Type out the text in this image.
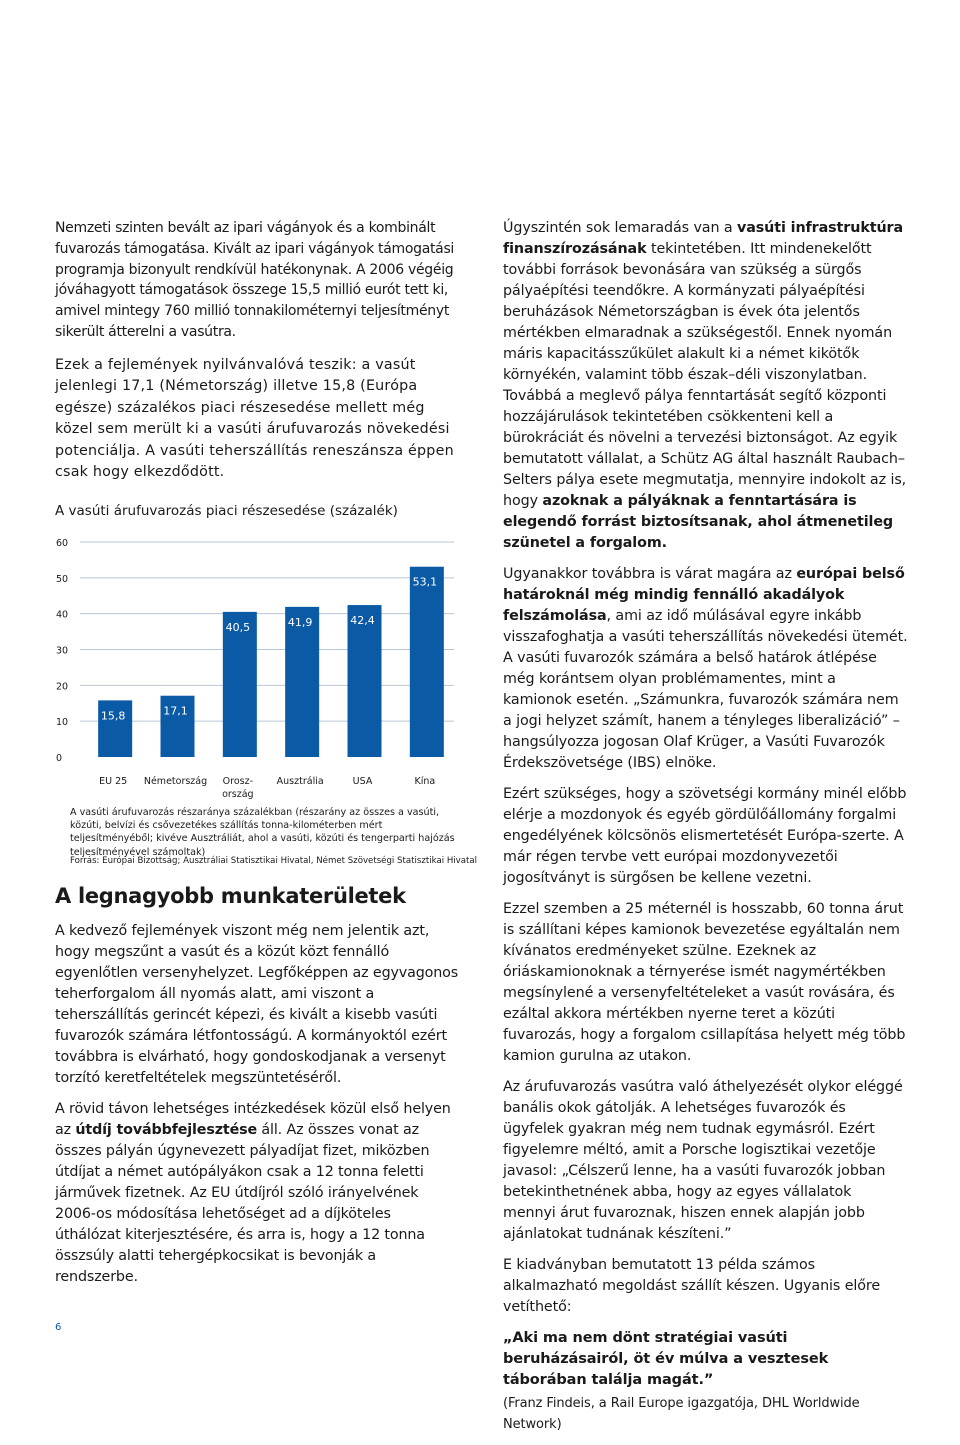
Nemzeti szinten bevált az ipari vágányok és a kombinált fuvarozás támogatása. Kivált az ipari vágányok támogatási programja bizonyult rendkívül hatékonynak. A 2006 végéig jóváhagyott támogatások összege 15,5 millió eurót tett ki, amivel mintegy 760 millió tonnakilométernyi teljesítményt sikerült átterelni a vasútra.

Ezek a fejlemények nyilvánvalóvá teszik: a vasút jelenlegi 17,1 (Németország) illetve 15,8 (Európa egésze) százalékos piaci részesedése mellett még közel sem merült ki a vasúti árufuvarozás növekedési potenciálja. A vasúti teherszállítás reneszánsza éppen csak hogy elkezdődött.

A vasúti árufuvarozás piaci részesedése (százalék)
0
10
20
30
40
50
60
15,8
EU 25
17,1
Németország
40,5
Orosz-
ország
41,9
Ausztrália
42,4
USA
53,1
Kína
A vasúti árufuvarozás részaránya százalékban (részarány az összes a vasúti, közúti, belvízi és csővezetékes szállítás tonna-kilométerben mért teljesítményéből; kivéve Ausztráliát, ahol a vasúti, közúti és tengerparti hajózás teljesítményével számoltak)
Forrás: Európai Bizottság; Ausztráliai Statisztikai Hivatal, Német Szövetségi Statisztikai Hivatal
A legnagyobb munkaterületek

A kedvező fejlemények viszont még nem jelentik azt, hogy megszűnt a vasút és a közút közt fennálló egyenlőtlen versenyhelyzet. Legfőképpen az egyvagonos teherforgalom áll nyomás alatt, ami viszont a teherszállítás gerincét képezi, és kivált a kisebb vasúti fuvarozók számára létfontosságú. A kormányoktól ezért továbbra is elvárható, hogy gondoskodjanak a versenyt torzító keretfeltételek megszüntetéséről.

A rövid távon lehetséges intézkedések közül első helyen az útdíj továbbfejlesztése áll. Az összes vonat az összes pályán úgynevezett pályadíjat fizet, miközben útdíjat a német autópályákon csak a 12 tonna feletti járművek fizetnek. Az EU útdíjról szóló irányelvének 2006-os módosítása lehetőséget ad a díjköteles úthálózat kiterjesztésére, és arra is, hogy a 12 tonna összsúly alatti tehergépkocsikat is bevonják a rendszerbe.

Úgyszintén sok lemaradás van a vasúti infrastruktúra finanszírozásának tekintetében. Itt mindenekelőtt további források bevonására van szükség a sürgős pályaépítési teendőkre. A kormányzati pályaépítési beruházások Németországban is évek óta jelentős mértékben elmaradnak a szükségestől. Ennek nyomán máris kapacitásszűkület alakult ki a német kikötők környékén, valamint több észak–déli viszonylatban. Továbbá a meglevő pálya fenntartását segítő központi hozzájárulások tekintetében csökkenteni kell a bürokráciát és növelni a tervezési biztonságot. Az egyik bemutatott vállalat, a Schütz AG által használt Raubach–Selters pálya esete megmutatja, mennyire indokolt az is, hogy azoknak a pályáknak a fenntartására is elegendő forrást biztosítsanak, ahol átmenetileg szünetel a forgalom.

Ugyanakkor továbbra is várat magára az európai belső határoknál még mindig fennálló akadályok felszámolása, ami az idő múlásával egyre inkább visszafoghatja a vasúti teherszállítás növekedési ütemét. A vasúti fuvarozók számára a belső határok átlépése még korántsem olyan problémamentes, mint a kamionok esetén. „Számunkra, fuvarozók számára nem a jogi helyzet számít, hanem a tényleges liberalizáció” – hangsúlyozza jogosan Olaf Krüger, a Vasúti Fuvarozók Érdekszövetsége (IBS) elnöke.

Ezért szükséges, hogy a szövetségi kormány minél előbb elérje a mozdonyok és egyéb gördülőállomány forgalmi engedélyének kölcsönös elismertetését Európa-szerte. A már régen tervbe vett európai mozdonyvezetői jogosítványt is sürgősen be kellene vezetni.

Ezzel szemben a 25 méternél is hosszabb, 60 tonna árut is szállítani képes kamionok bevezetése egyáltalán nem kívánatos eredményeket szülne. Ezeknek az óriáskamionoknak a térnyerése ismét nagymértékben megsínylené a versenyfeltételeket a vasút rovására, és ezáltal akkora mértékben nyerne teret a közúti fuvarozás, hogy a forgalom csillapítása helyett még több kamion gurulna az utakon.

Az árufuvarozás vasútra való áthelyezését olykor eléggé banális okok gátolják. A lehetséges fuvarozók és ügyfelek gyakran még nem tudnak egymásról. Ezért figyelemre méltó, amit a Porsche logisztikai vezetője javasol: „Célszerű lenne, ha a vasúti fuvarozók jobban betekinthetnének abba, hogy az egyes vállalatok mennyi árut fuvaroznak, hiszen ennek alapján jobb ajánlatokat tudnának készíteni.”

E kiadványban bemutatott 13 példa számos alkalmazható megoldást szállít készen. Ugyanis előre vetíthető:

„Aki ma nem dönt stratégiai vasúti beruházásairól, öt év múlva a vesztesek táborában találja magát.”

(Franz Findeis, a Rail Europe igazgatója, DHL Worldwide Network)

6
